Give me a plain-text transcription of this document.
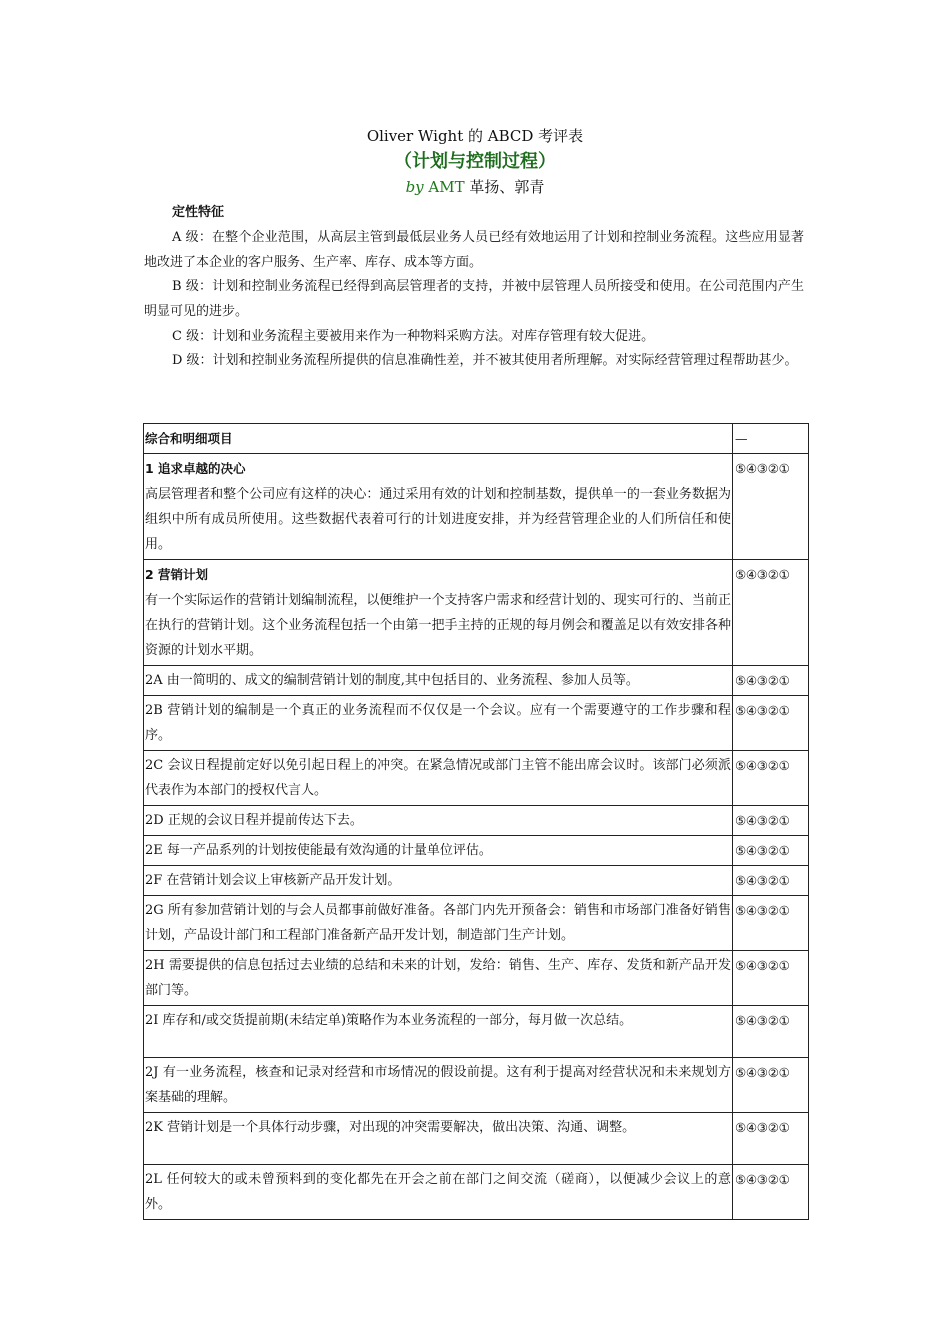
Oliver Wight 的 ABCD 考评表
（计划与控制过程）
by AMT 革扬、郭青
定性特征
A 级：在整个企业范围，从高层主管到最低层业务人员已经有效地运用了计划和控制业务流程。这些应用显著地改进了本企业的客户服务、生产率、库存、成本等方面。
B 级：计划和控制业务流程已经得到高层管理者的支持，并被中层管理人员所接受和使用。在公司范围内产生明显可见的进步。
C 级：计划和业务流程主要被用来作为一种物料采购方法。对库存管理有较大促进。
D 级：计划和控制业务流程所提供的信息准确性差，并不被其使用者所理解。对实际经营管理过程帮助甚少。
综合和明细项目	—
1 追求卓越的决心
高层管理者和整个公司应有这样的决心：通过采用有效的计划和控制基数，提供单一的一套业务数据为组织中所有成员所使用。这些数据代表着可行的计划进度安排，并为经营管理企业的人们所信任和使用。	⑤④③②①
2 营销计划
有一个实际运作的营销计划编制流程，以便维护一个支持客户需求和经营计划的、现实可行的、当前正在执行的营销计划。这个业务流程包括一个由第一把手主持的正规的每月例会和覆盖足以有效安排各种资源的计划水平期。	⑤④③②①
2A 由一简明的、成文的编制营销计划的制度,其中包括目的、业务流程、参加人员等。	⑤④③②①
2B 营销计划的编制是一个真正的业务流程而不仅仅是一个会议。应有一个需要遵守的工作步骤和程序。	⑤④③②①
2C 会议日程提前定好以免引起日程上的冲突。在紧急情况或部门主管不能出席会议时。该部门必须派代表作为本部门的授权代言人。	⑤④③②①
2D 正规的会议日程并提前传达下去。	⑤④③②①
2E 每一产品系列的计划按使能最有效沟通的计量单位评估。	⑤④③②①
2F 在营销计划会议上审核新产品开发计划。	⑤④③②①
2G 所有参加营销计划的与会人员都事前做好准备。各部门内先开预备会：销售和市场部门准备好销售计划，产品设计部门和工程部门准备新产品开发计划，制造部门生产计划。	⑤④③②①
2H 需要提供的信息包括过去业绩的总结和未来的计划，发给：销售、生产、库存、发货和新产品开发部门等。	⑤④③②①
2I 库存和/或交货提前期(未结定单)策略作为本业务流程的一部分，每月做一次总结。	⑤④③②①
2J 有一业务流程，核查和记录对经营和市场情况的假设前提。这有利于提高对经营状况和未来规划方案基础的理解。	⑤④③②①
2K 营销计划是一个具体行动步骤，对出现的冲突需要解决，做出决策、沟通、调整。	⑤④③②①
2L 任何较大的或未曾预料到的变化都先在开会之前在部门之间交流（磋商），以便减少会议上的意外。	⑤④③②①
